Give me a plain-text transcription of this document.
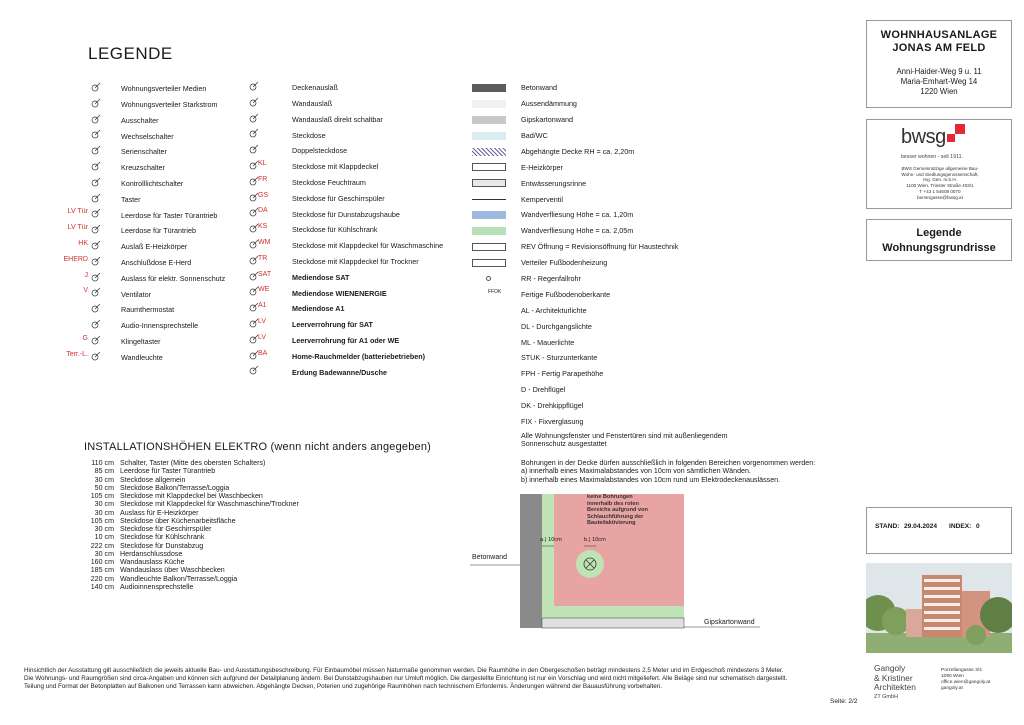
LEGENDE
Wohnungsverteiler Medien
Wohnungsverteiler Starkstrom
Ausschalter
Wechselschalter
Serienschalter
Kreuzschalter
Kontrolllichtschalter
Taster
LV Tür	Leerdose für Taster Türantrieb
LV Tür	Leerdose für Türantrieb
HK	Auslaß E-Heizkörper
EHERD	Anschlußdose E-Herd
J	Auslass für elektr. Sonnenschutz
V	Ventilator
Raumthermostat
Audio-Innensprechstelle
G	Klingeltaster
Terr.-L.	Wandleuchte
Deckenauslaß
Wandauslaß
Wandauslaß direkt schaltbar
Steckdose
Doppelsteckdose
KL	Steckdose mit Klappdeckel
FR	Steckdose Feuchtraum
GS	Steckdose für Geschirrspüler
DA	Steckdose für Dunstabzugshaube
KS	Steckdose für Kühlschrank
WM	Steckdose mit Klappdeckel für Waschmaschine
TR	Steckdose mit Klappdeckel für Trockner
SAT	Mediendose SAT
WE	Mediendose WIENENERGIE
A1	Mediendose A1
LV	Leerverrohrung für SAT
LV	Leerverrohrung für A1 oder WE
BA	Home-Rauchmelder (batteriebetrieben)
Erdung Badewanne/Dusche
Betonwand
Aussendämmung
Gipskartonwand
Bad/WC
Abgehängte Decke RH = ca. 2,20m
E-Heizkörper
Entwässerungsrinne
Kemperventil
Wandverfliesung Höhe = ca. 1,20m
Wandverfliesung Höhe = ca. 2,05m
REV Öffnung = Revisionsöffnung für Haustechnik
Verteiler Fußbodenheizung
RR - Regenfallrohr
FFOK	Fertige Fußbodenoberkante
AL - Architekturlichte
DL - Durchgangslichte
ML - Mauerlichte
STUK - Sturzunterkante
FPH - Fertig Parapethöhe
D - Drehflügel
DK - Drehkippflügel
FIX - Fixverglasung
Alle Wohnungsfenster und Fenstertüren sind mit außenliegendem
Sonnenschutz ausgestattet
Bohrungen in der Decke dürfen ausschließlich in folgenden Bereichen vorgenommen werden:
a) innerhalb eines Maximalabstandes von 10cm von sämtlichen Wänden.
b) innerhalb eines Maximalabstandes von 10cm rund um Elektrodeckenauslässen.
keine Bohrungen
innerhalb des roten
Bereichs aufgrund von
Schlauchführung der
Bauteilaktivierung
a.) 10cm	b.) 10cm
Betonwand
Gipskartonwand
INSTALLATIONSHÖHEN ELEKTRO (wenn nicht anders angegeben)
110 cm Schalter, Taster (Mitte des obersten Schalters)
85 cm Leerdose für Taster Türantrieb
30 cm Steckdose allgemein
50 cm Steckdose Balkon/Terrasse/Loggia
105 cm Steckdose mit Klappdeckel bei Waschbecken
30 cm Steckdose mit Klappdeckel für Waschmaschine/Trockner
30 cm Auslass für E-Heizkörper
105 cm Steckdose über Küchenarbeitsfläche
30 cm Steckdose für Geschirrspüler
10 cm Steckdose für Kühlschrank
222 cm Steckdose für Dunstabzug
30 cm Herdanschlussdose
160 cm Wandauslass Küche
185 cm Wandauslass über Waschbecken
220 cm Wandleuchte Balkon/Terrasse/Loggia
140 cm Audioinnensprechstelle
Hinsichtlich der Ausstattung gilt ausschließlich die jeweils aktuelle Bau- und Ausstattungsbeschreibung. Für Einbaumöbel müssen Naturmaße genommen werden. Die Raumhöhe in den Obergeschoßen beträgt mindestens 2,5 Meter und im Erdgeschoß mindestens 3 Meter.
Die Wohnungs- und Raumgrößen sind circa-Angaben und können sich aufgrund der Detailplanung ändern. Bei Dunstabzugshauben nur Umluft möglich. Die dargestellte Einrichtung ist nur ein Vorschlag und wird nicht mitgeliefert. Alle Beläge sind nur schematisch dargestellt.
Teilung und Format der Betonplatten auf Balkonen und Terrassen kann abweichen. Abgehängte Decken, Poterien und zugehörige Raumhöhen nach technischem Erfordernis. Änderungen während der Bauausführung vorbehalten.
Seite: 2/2
WOHNHAUSANLAGE
JONAS AM FELD
Anni-Haider-Weg 9 u. 11
Maria-Emhart-Weg 14
1220 Wien
bwsg
besser wohnen - seit 1911.
BWS Gemeinnützige allgemeine Bau-
Wohn- und Siedlungsgenossenschaft,
reg. Gen. m.b.H.
1100 Wien, Triester Straße 403/1
T +43 1 54608 0070
bemergasse@bwsg.at
Legende
Wohnungsgrundrisse
STAND: 29.04.2024 INDEX: 0
Gangoly
& Kristiner
Architekten
ZT GmbH
Porzellangasse 3/4
1090 Wien
office.wien@gangoly.at
gangoly.at
